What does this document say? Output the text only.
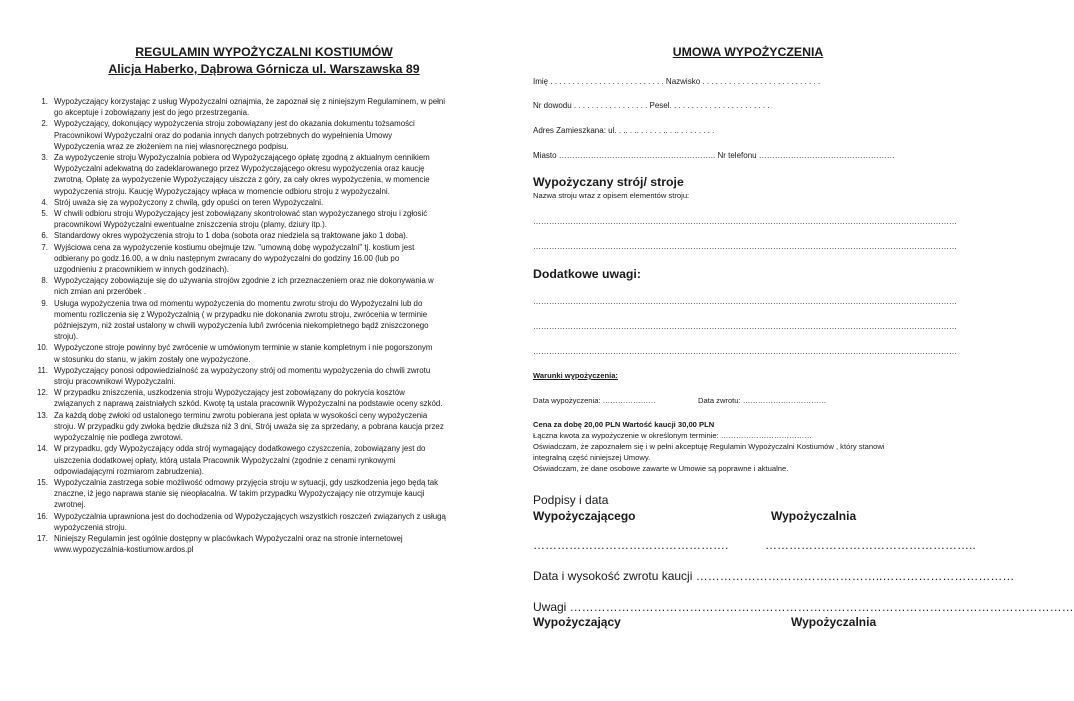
REGULAMIN WYPOŻYCZALNI KOSTIUMÓW
Alicja Haberko, Dąbrowa Górnicza ul. Warszawska 89
1. Wypożyczający korzystając z usług Wypożyczalni oznajmia, że zapoznał się z niniejszym Regulaminem, w pełni
go akceptuje i zobowiązany jest do jego przestrzegania.
2. Wypożyczający, dokonujący wypożyczenia stroju zobowiązany jest do okazania dokumentu tożsamości
Pracownikowi Wypożyczalni oraz do podania innych danych potrzebnych do wypełnienia Umowy
Wypożyczenia wraz ze złożeniem na niej własnoręcznego podpisu.
3. Za wypożyczenie stroju Wypożyczalnia pobiera od Wypożyczającego opłatę zgodną z aktualnym cennikiem
Wypożyczalni adekwatną do zadeklarowanego przez Wypożyczającego okresu wypożyczenia oraz kaucję
zwrotną. Opłatę za wypożyczenie Wypożyczający uiszcza z góry, za cały okres wypożyczenia, w momencie
wypożyczenia stroju. Kaucję Wypożyczający wpłaca w momencie odbioru stroju z wypożyczalni.
4. Strój uważa się za wypożyczony z chwilą, gdy opuści on teren Wypożyczalni.
5. W chwili odbioru stroju Wypożyczający jest zobowiązany skontrolować stan wypożyczanego stroju i zgłosić
pracownikowi Wypożyczalni ewentualne zniszczenia stroju (plamy, dziury itp.).
6. Standardowy okres wypożyczenia stroju to 1 doba (sobota oraz niedziela są traktowane jako 1 doba).
7. Wyjściowa cena za wypożyczenie kostiumu obejmuje tzw. "umowną dobę wypożyczalni" tj. kostium jest
odbierany po godz.16.00, a w dniu następnym zwracany do wypożyczalni do godziny 16.00 (lub po
uzgodnieniu z pracownikiem w innych godzinach).
8. Wypożyczający zobowiązuje się do używania strojów zgodnie z ich przeznaczeniem oraz nie dokonywania w
nich zmian ani przeróbek .
9. Usługa wypożyczenia trwa od momentu wypożyczenia do momentu zwrotu stroju do Wypożyczalni lub do
momentu rozliczenia się z Wypożyczalnią ( w przypadku nie dokonania zwrotu stroju, zwrócenia w terminie
późniejszym, niż został ustalony w chwili wypożyczenia lub/i zwrócenia niekompletnego bądź zniszczonego
stroju).
10. Wypożyczone stroje powinny być zwrócenie w umówionym terminie w stanie kompletnym i nie pogorszonym
w stosunku do stanu, w jakim zostały one wypożyczone.
11. Wypożyczający ponosi odpowiedzialność za wypożyczony strój od momentu wypożyczenia do chwili zwrotu
stroju pracownikowi Wypożyczalni.
12. W przypadku zniszczenia, uszkodzenia stroju Wypożyczający jest zobowiązany do pokrycia kosztów
związanych z naprawą zaistniałych szkód. Kwotę tą ustala pracownik Wypożyczalni na podstawie oceny szkód.
13. Za każdą dobę zwłoki od ustalonego terminu zwrotu pobierana jest opłata w wysokości ceny wypożyczenia
stroju. W przypadku gdy zwłoka będzie dłuższa niż 3 dni, Strój uważa się za sprzedany, a pobrana kaucja przez
wypożyczalnię nie podlega zwrotowi.
14. W przypadku, gdy Wypożyczający odda strój wymagający dodatkowego czyszczenia, zobowiązany jest do
uiszczenia dodatkowej opłaty, którą ustala Pracownik Wypożyczalni (zgodnie z cenami rynkowymi
odpowiadającymi rozmiarom zabrudzenia).
15. Wypożyczalnia zastrzega sobie możliwość odmowy przyjęcia stroju w sytuacji, gdy uszkodzenia jego będą tak
znaczne, iż jego naprawa stanie się nieopłacalna. W takim przypadku Wypożyczający nie otrzymuje kaucji
zwrotnej.
16. Wypożyczalnia uprawniona jest do dochodzenia od Wypożyczających wszystkich roszczeń związanych z usługą
wypożyczenia stroju.
17. Niniejszy Regulamin jest ogólnie dostępny w placówkach Wypożyczalni oraz na stronie internetowej
www.wypozyczalnia-kostiumow.ardos.pl
UMOWA WYPOŻYCZENIA
Imię . . . . . . . . . . . . . . . . . . . . . . . . . . Nazwisko . . . . . . . . . . . . . . . . . . . . . . . . . . .
Nr dowodu . . . . . . . . . . . . . . . . . Pesel. . . . . . . . . . . . . . . . . . . . . . .
Adres Zamieszkana: ul. . .. . .. . . . . . .. . .. . . . . . . . .
Miasto ………………………………………………….. Nr telefonu ……………………………………………
Wypożyczany strój/ stroje
Nazwa stroju wraz z opisem elementów stroju:
……………………………………………………………………………………………………………………………………………
……………………………………………………………………………………………………………………………………………
Dodatkowe uwagi:
……………………………………………………………………………………………………………………………………………
……………………………………………………………………………………………………………………………………………
……………………………………………………………………………………………………………………………………………
Warunki wypożyczenia:
Data wypożyczenia: …………………	Data zwrotu: ……………………………
Cena za dobę 20,00 PLN Wartość kaucji 30,00 PLN
Łączna kwota za wypożyczenie w określonym terminie: ………………………………
Oświadczam, że zapoznałem się i w pełni akceptuję Regulamin Wypożyczalni Kostiumów , który stanowi
integralną część niniejszej Umowy.
Oświadczam, że dane osobowe zawarte w Umowie są poprawne i aktualne.
Podpisy i data
Wypożyczającego	Wypożyczalnia
………………………………………….	……………………………………………..
Data i wysokość zwrotu kaucji ………………………………………..……………………………
Uwagi ………………………………………………………………………………………………………………
Wypożyczający	Wypożyczalnia
